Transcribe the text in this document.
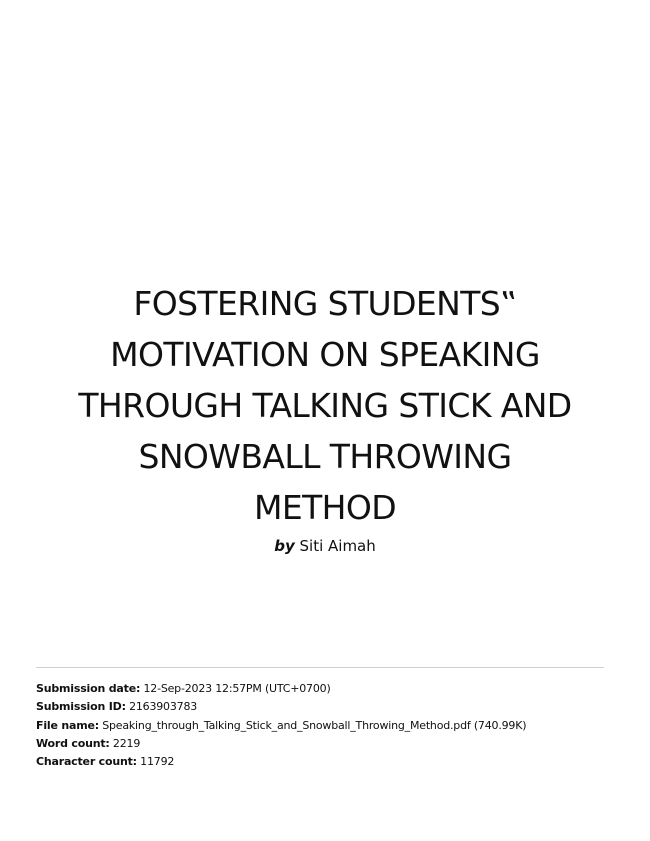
FOSTERING STUDENTS‟
MOTIVATION ON SPEAKING
THROUGH TALKING STICK AND
SNOWBALL THROWING
METHOD
by Siti Aimah
Submission date: 12-Sep-2023 12:57PM (UTC+0700)
Submission ID: 2163903783
File name: Speaking_through_Talking_Stick_and_Snowball_Throwing_Method.pdf (740.99K)
Word count: 2219
Character count: 11792
